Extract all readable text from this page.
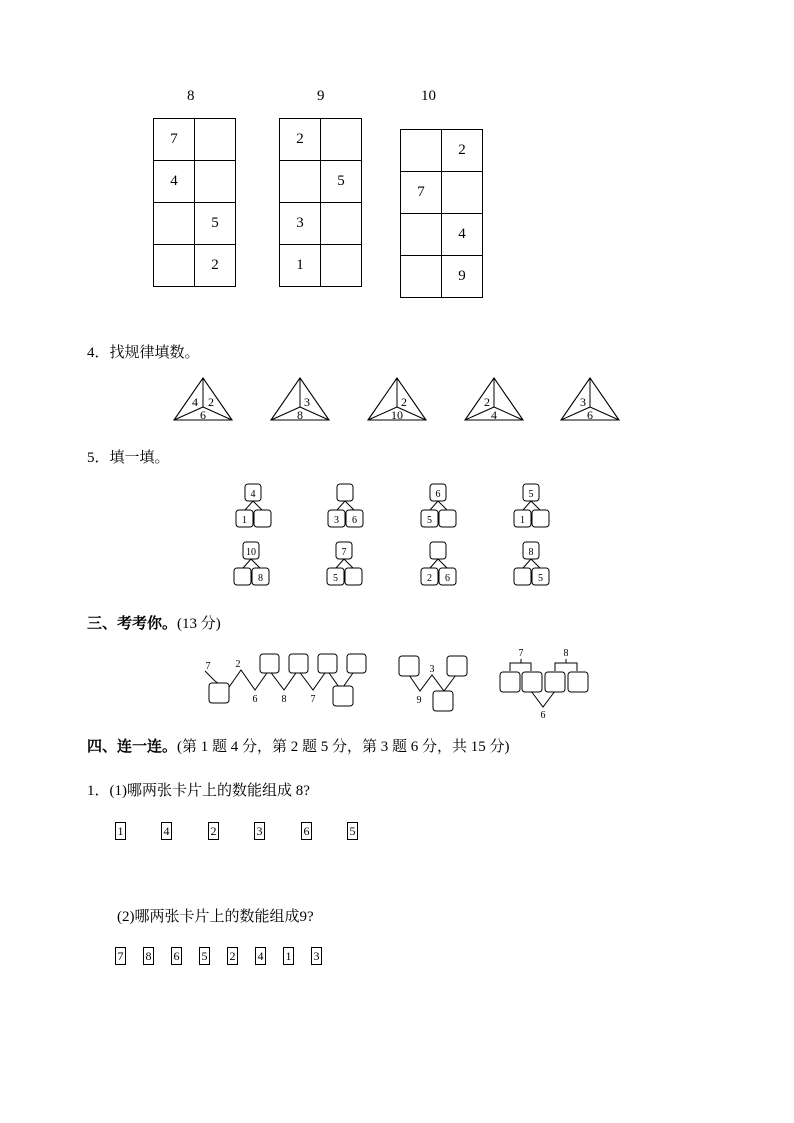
8
7	
4	
	5
	2
9
2	
	5
3	
1	
10
	2
7	
	4
	9
4．找规律填数。
4 2
6
3
8
2
10
2
4
3
6
5．填一填。
4
1	3 6
6
5
5
1
10
8
7
5	2 6
8
5
三、考考你。(13 分)
7	2
6 8 7
3
9
7	8
6
四、连一连。(第 1 题 4 分，第 2 题 5 分，第 3 题 6 分，共 15 分)
1．(1)哪两张卡片上的数能组成 8?
1	4	2	3	6	5
(2)哪两张卡片上的数能组成9?
7 8 6 5 2 4 1 3
